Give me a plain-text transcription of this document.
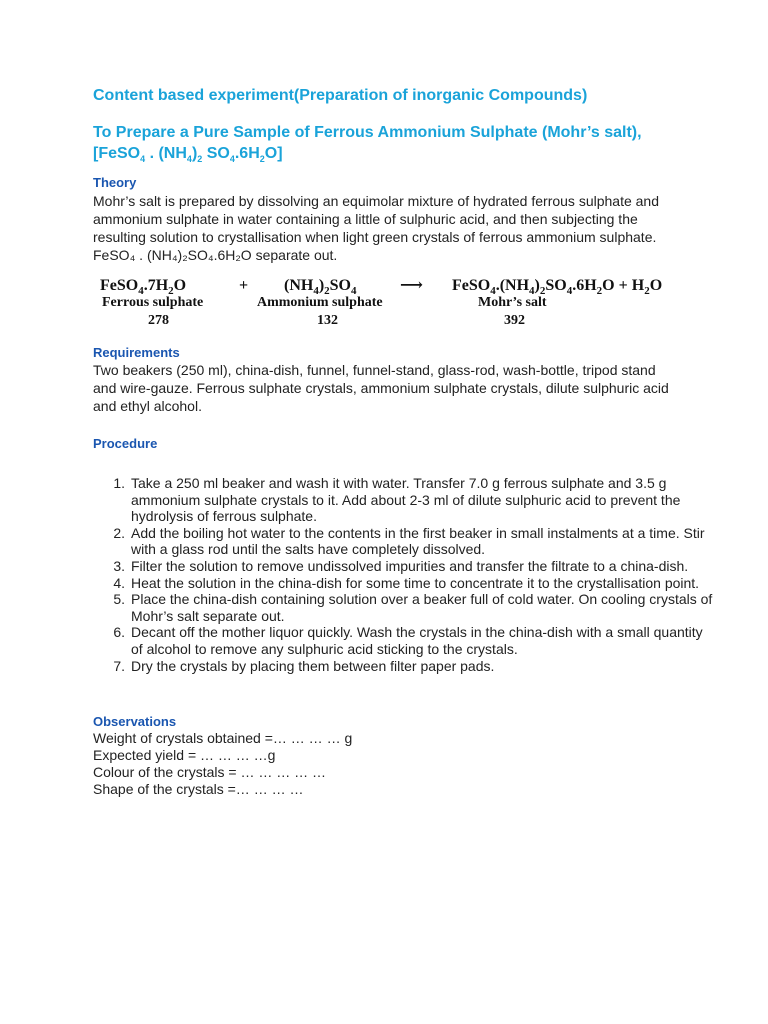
Content based experiment(Preparation of inorganic Compounds)
To Prepare a Pure Sample of Ferrous Ammonium Sulphate (Mohr’s salt), [FeSO$_4$ . $(NH_4)_2$ $SO_4.6H_2O$]
Theory
Mohr’s salt is prepared by dissolving an equimolar mixture of hydrated ferrous sulphate and ammonium sulphate in water containing a little of sulphuric acid, and then subjecting the resulting solution to crystallisation when light green crystals of ferrous ammonium sulphate. FeSO₄ . (NH₄)₂SO₄.6H₂O separate out.
$FeSO_4.7H_2O$
Ferrous sulphate
278
+ $(NH_4)_2SO_4$
Ammonium sulphate
132
⟶ $FeSO_4.(NH_4)_2SO_4.6H_2O + H_2O$
Mohr’s salt
392
Requirements
Two beakers (250 ml), china-dish, funnel, funnel-stand, glass-rod, wash-bottle, tripod stand and wire-gauze. Ferrous sulphate crystals, ammonium sulphate crystals, dilute sulphuric acid and ethyl alcohol.
Procedure
Take a 250 ml beaker and wash it with water. Transfer 7.0 g ferrous sulphate and 3.5 g ammonium sulphate crystals to it. Add about 2-3 ml of dilute sulphuric acid to prevent the hydrolysis of ferrous sulphate.
Add the boiling hot water to the contents in the first beaker in small instalments at a time. Stir with a glass rod until the salts have completely dissolved.
Filter the solution to remove undissolved impurities and transfer the filtrate to a china-dish.
Heat the solution in the china-dish for some time to concentrate it to the crystallisation point.
Place the china-dish containing solution over a beaker full of cold water. On cooling crystals of Mohr’s salt separate out.
Decant off the mother liquor quickly. Wash the crystals in the china-dish with a small quantity of alcohol to remove any sulphuric acid sticking to the crystals.
Dry the crystals by placing them between filter paper pads.
Observations
Weight of crystals obtained =… … … … g
Expected yield = … … … …g
Colour of the crystals = … … … … …
Shape of the crystals =… … … …
